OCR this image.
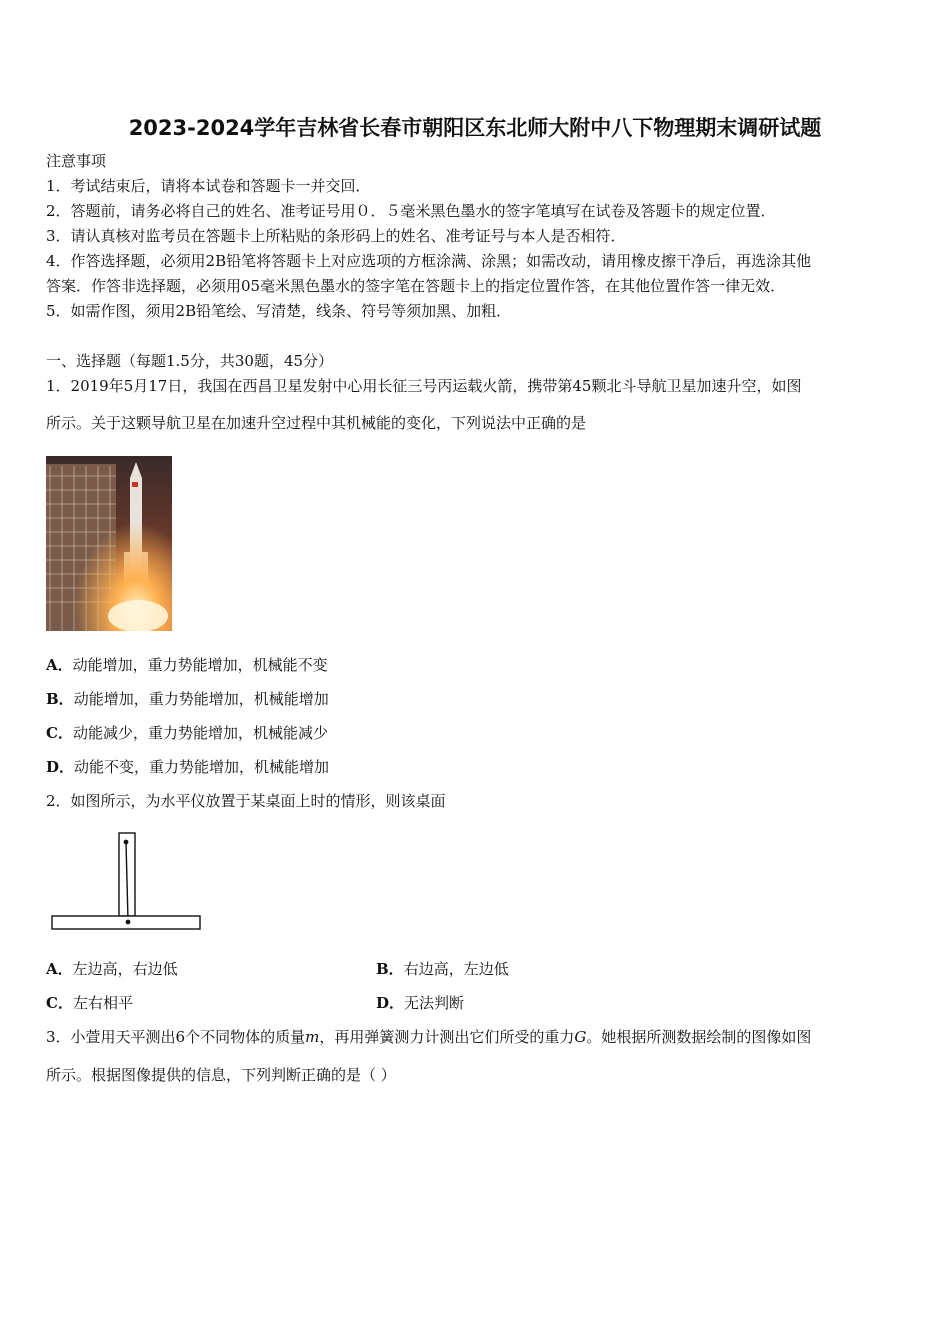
2023-2024学年吉林省长春市朝阳区东北师大附中八下物理期末调研试题
注意事项
1．考试结束后，请将本试卷和答题卡一并交回．
2．答题前，请务必将自己的姓名、准考证号用０．５毫米黑色墨水的签字笔填写在试卷及答题卡的规定位置．
3．请认真核对监考员在答题卡上所粘贴的条形码上的姓名、准考证号与本人是否相符．
4．作答选择题，必须用2B铅笔将答题卡上对应选项的方框涂满、涂黑；如需改动，请用橡皮擦干净后，再选涂其他
答案．作答非选择题，必须用05毫米黑色墨水的签字笔在答题卡上的指定位置作答，在其他位置作答一律无效．
5．如需作图，须用2B铅笔绘、写清楚，线条、符号等须加黑、加粗．
一、选择题（每题1.5分，共30题，45分）
1．2019年5月17日，我国在西昌卫星发射中心用长征三号丙运载火箭，携带第45颗北斗导航卫星加速升空，如图
所示。关于这颗导航卫星在加速升空过程中其机械能的变化，下列说法中正确的是
A．动能增加，重力势能增加，机械能不变
B．动能增加，重力势能增加，机械能增加
C．动能减少，重力势能增加，机械能减少
D．动能不变，重力势能增加，机械能增加
2．如图所示，为水平仪放置于某桌面上时的情形，则该桌面
A．左边高，右边低	B．右边高，左边低
C．左右相平	D．无法判断
3．小萱用天平测出6个不同物体的质量m，再用弹簧测力计测出它们所受的重力G。她根据所测数据绘制的图像如图
所示。根据图像提供的信息，下列判断正确的是（ ）
